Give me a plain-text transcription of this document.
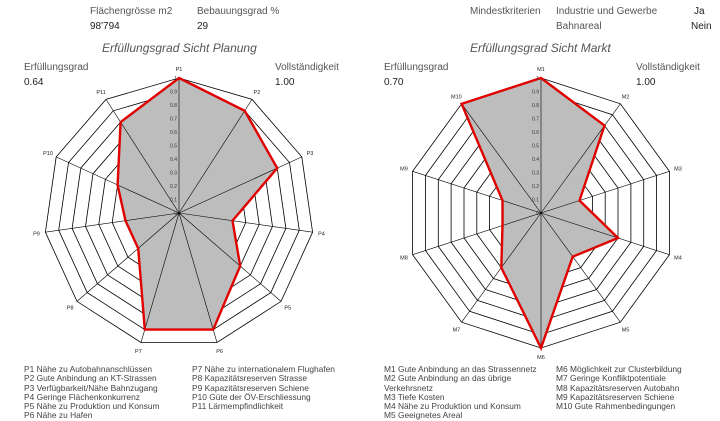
Flächengrösse m2
98'794
Bebauungsgrad %
29
Mindestkriterien Industrie und Gewerbe	Ja
Bahnareal	Nein
Erfüllungsgrad Sicht Planung
Erfüllungsgrad
0.64
Vollständigkeit
1.00
0
0.1
0.2
0.3
0.4
0.5
0.6
0.7
0.8
0.9
1
P1
P2
P3
P4
P5
P6
P7
P8
P9
P10
P11
P1 Nähe zu Autobahnanschlüssen
P2 Gute Anbindung an KT-Strassen
P3 Verfügbarkeit/Nähe Bahnzugang
P4 Geringe Flächenkonkurrenz
P5 Nähe zu Produktion und Konsum
P6 Nähe zu Hafen
P7 Nähe zu internationalem Flughafen
P8 Kapazitätsreserven Strasse
P9 Kapazitätsreserven Schiene
P10 Güte der ÖV-Erschliessung
P11 Lärmempfindlichkeit
Erfüllungsgrad Sicht Markt
Erfüllungsgrad
0.70
Vollständigkeit
1.00
0
0.1
0.2
0.3
0.4
0.5
0.6
0.7
0.8
0.9
1
M1
M2
M3
M4
M5
M6
M7
M8
M9
M10
M1 Gute Anbindung an das Strassennetz
M2 Gute Anbindung an das übrige
Verkehrsnetz
M3 Tiefe Kosten
M4 Nähe zu Produktion und Konsum
M5 Geeignetes Areal
M6 Möglichkeit zur Clusterbildung
M7 Geringe Konfliktpotentiale
M8 Kapazitätsreserven Autobahn
M9 Kapazitätsreserven Schiene
M10 Gute Rahmenbedingungen
